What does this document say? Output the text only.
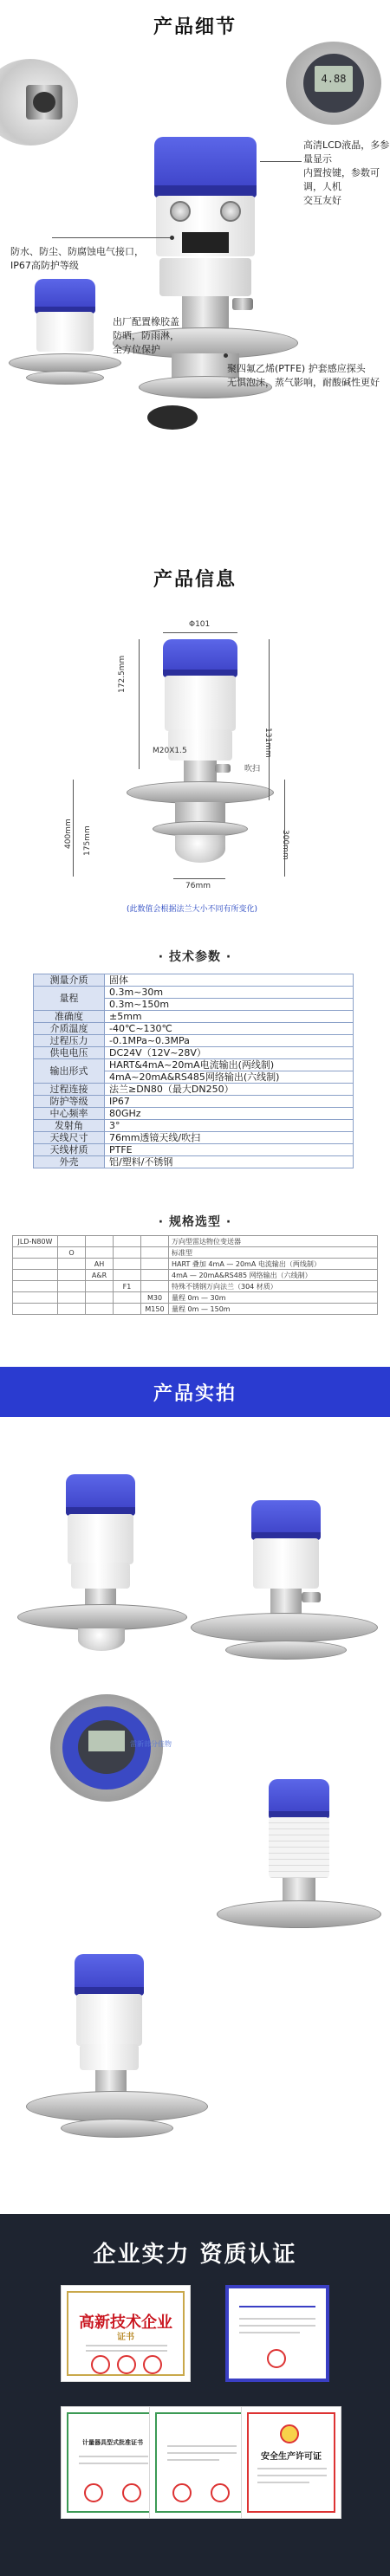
产品细节
4.88
高清LCD液晶，多参量显示
内置按键，参数可调，人机
交互友好
防水、防尘、防腐蚀电气接口，
IP67高防护等级
出厂配置橡胶盖
防晒，防雨淋，
全方位保护
聚四氟乙烯(PTFE) 护套感应探头
无惧泡沫，蒸气影响，耐酸碱性更好
产品信息
Φ101
172.5mm
M20X1.5	131mm
吹扫
400mm 175mm	300mm
76mm
(此数值会根据法兰大小不同有所变化)
· 技术参数 ·
测量介质	固体
量程	0.3m~30m
	0.3m~150m
准确度	±5mm
介质温度	-40℃~130℃
过程压力	-0.1MPa~0.3MPa
供电电压	DC24V（12V~28V）
输出形式	HART&4mA~20mA电流输出(两线制)
	4mA~20mA&RS485网络输出(六线制)
过程连接	法兰≥DN80（最大DN250）
防护等级	IP67
中心频率	80GHz
发射角	3°
天线尺寸	76mm透镜天线/吹扫
天线材质	PTFE
外壳	铝/塑料/不锈钢
· 规格选型 ·
JLD-N80W					万向型雷达物位变送器
	O				标准型
		AH			HART 叠加 4mA — 20mA 电流输出（两线制）
		A&R			4mA — 20mA&RS485 网络输出（六线制）
			F1		特殊不锈钢万向法兰（304 材质）
				M30	量程 0m — 30m
				M150	量程 0m — 150m
产品实拍
雷新部分佳物
企业实力 资质认证
高新技术企业
证书
计量器具型式批准证书
安全生产许可证
